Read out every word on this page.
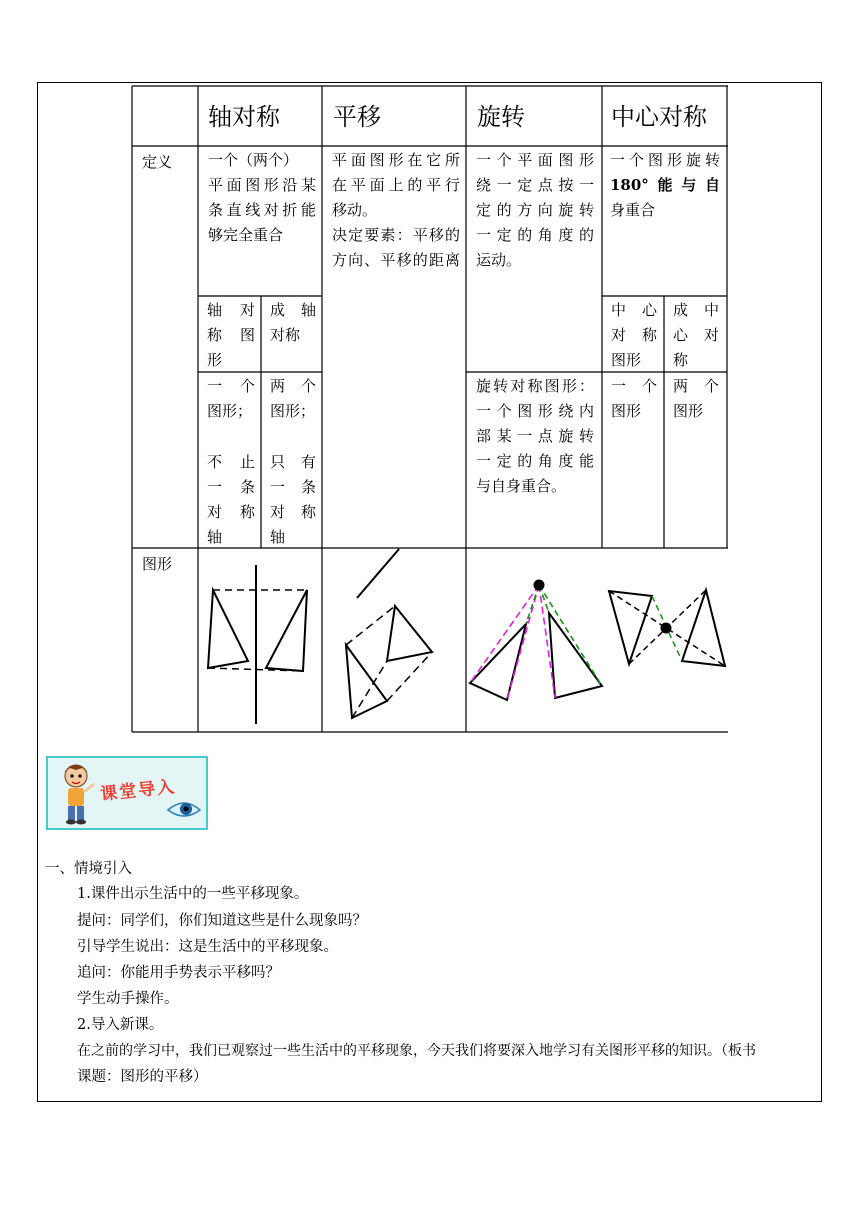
轴对称 平移	旋转	中心对称
定义
图形
一个（两个）
平面图形沿某
条直线对折能
够完全重合
平面图形在它所
在平面上的平行
移动。
决定要素：平移的
方向、平移的距离
一个平面图形
绕一定点按一
定的方向旋转
一定的角度的
运动。
一个图形旋转
180°能与自
身重合
轴对
称图
形
成轴
对称
一个
图形；
不止
一条
对称
轴
两个
图形；
只有
一条
对称
轴
旋转对称图形：
一个图形绕内
部某一点旋转
一定的角度能
与自身重合。
中心
对称
图形
成中
心对
称
一个
图形
两个
图形
课堂导入
一、情境引入
1.课件出示生活中的一些平移现象。
提问：同学们，你们知道这些是什么现象吗？
引导学生说出：这是生活中的平移现象。
追问：你能用手势表示平移吗？
学生动手操作。
2.导入新课。
在之前的学习中，我们已观察过一些生活中的平移现象，今天我们将要深入地学习有关图形平移的知识。（板书
课题：图形的平移）
